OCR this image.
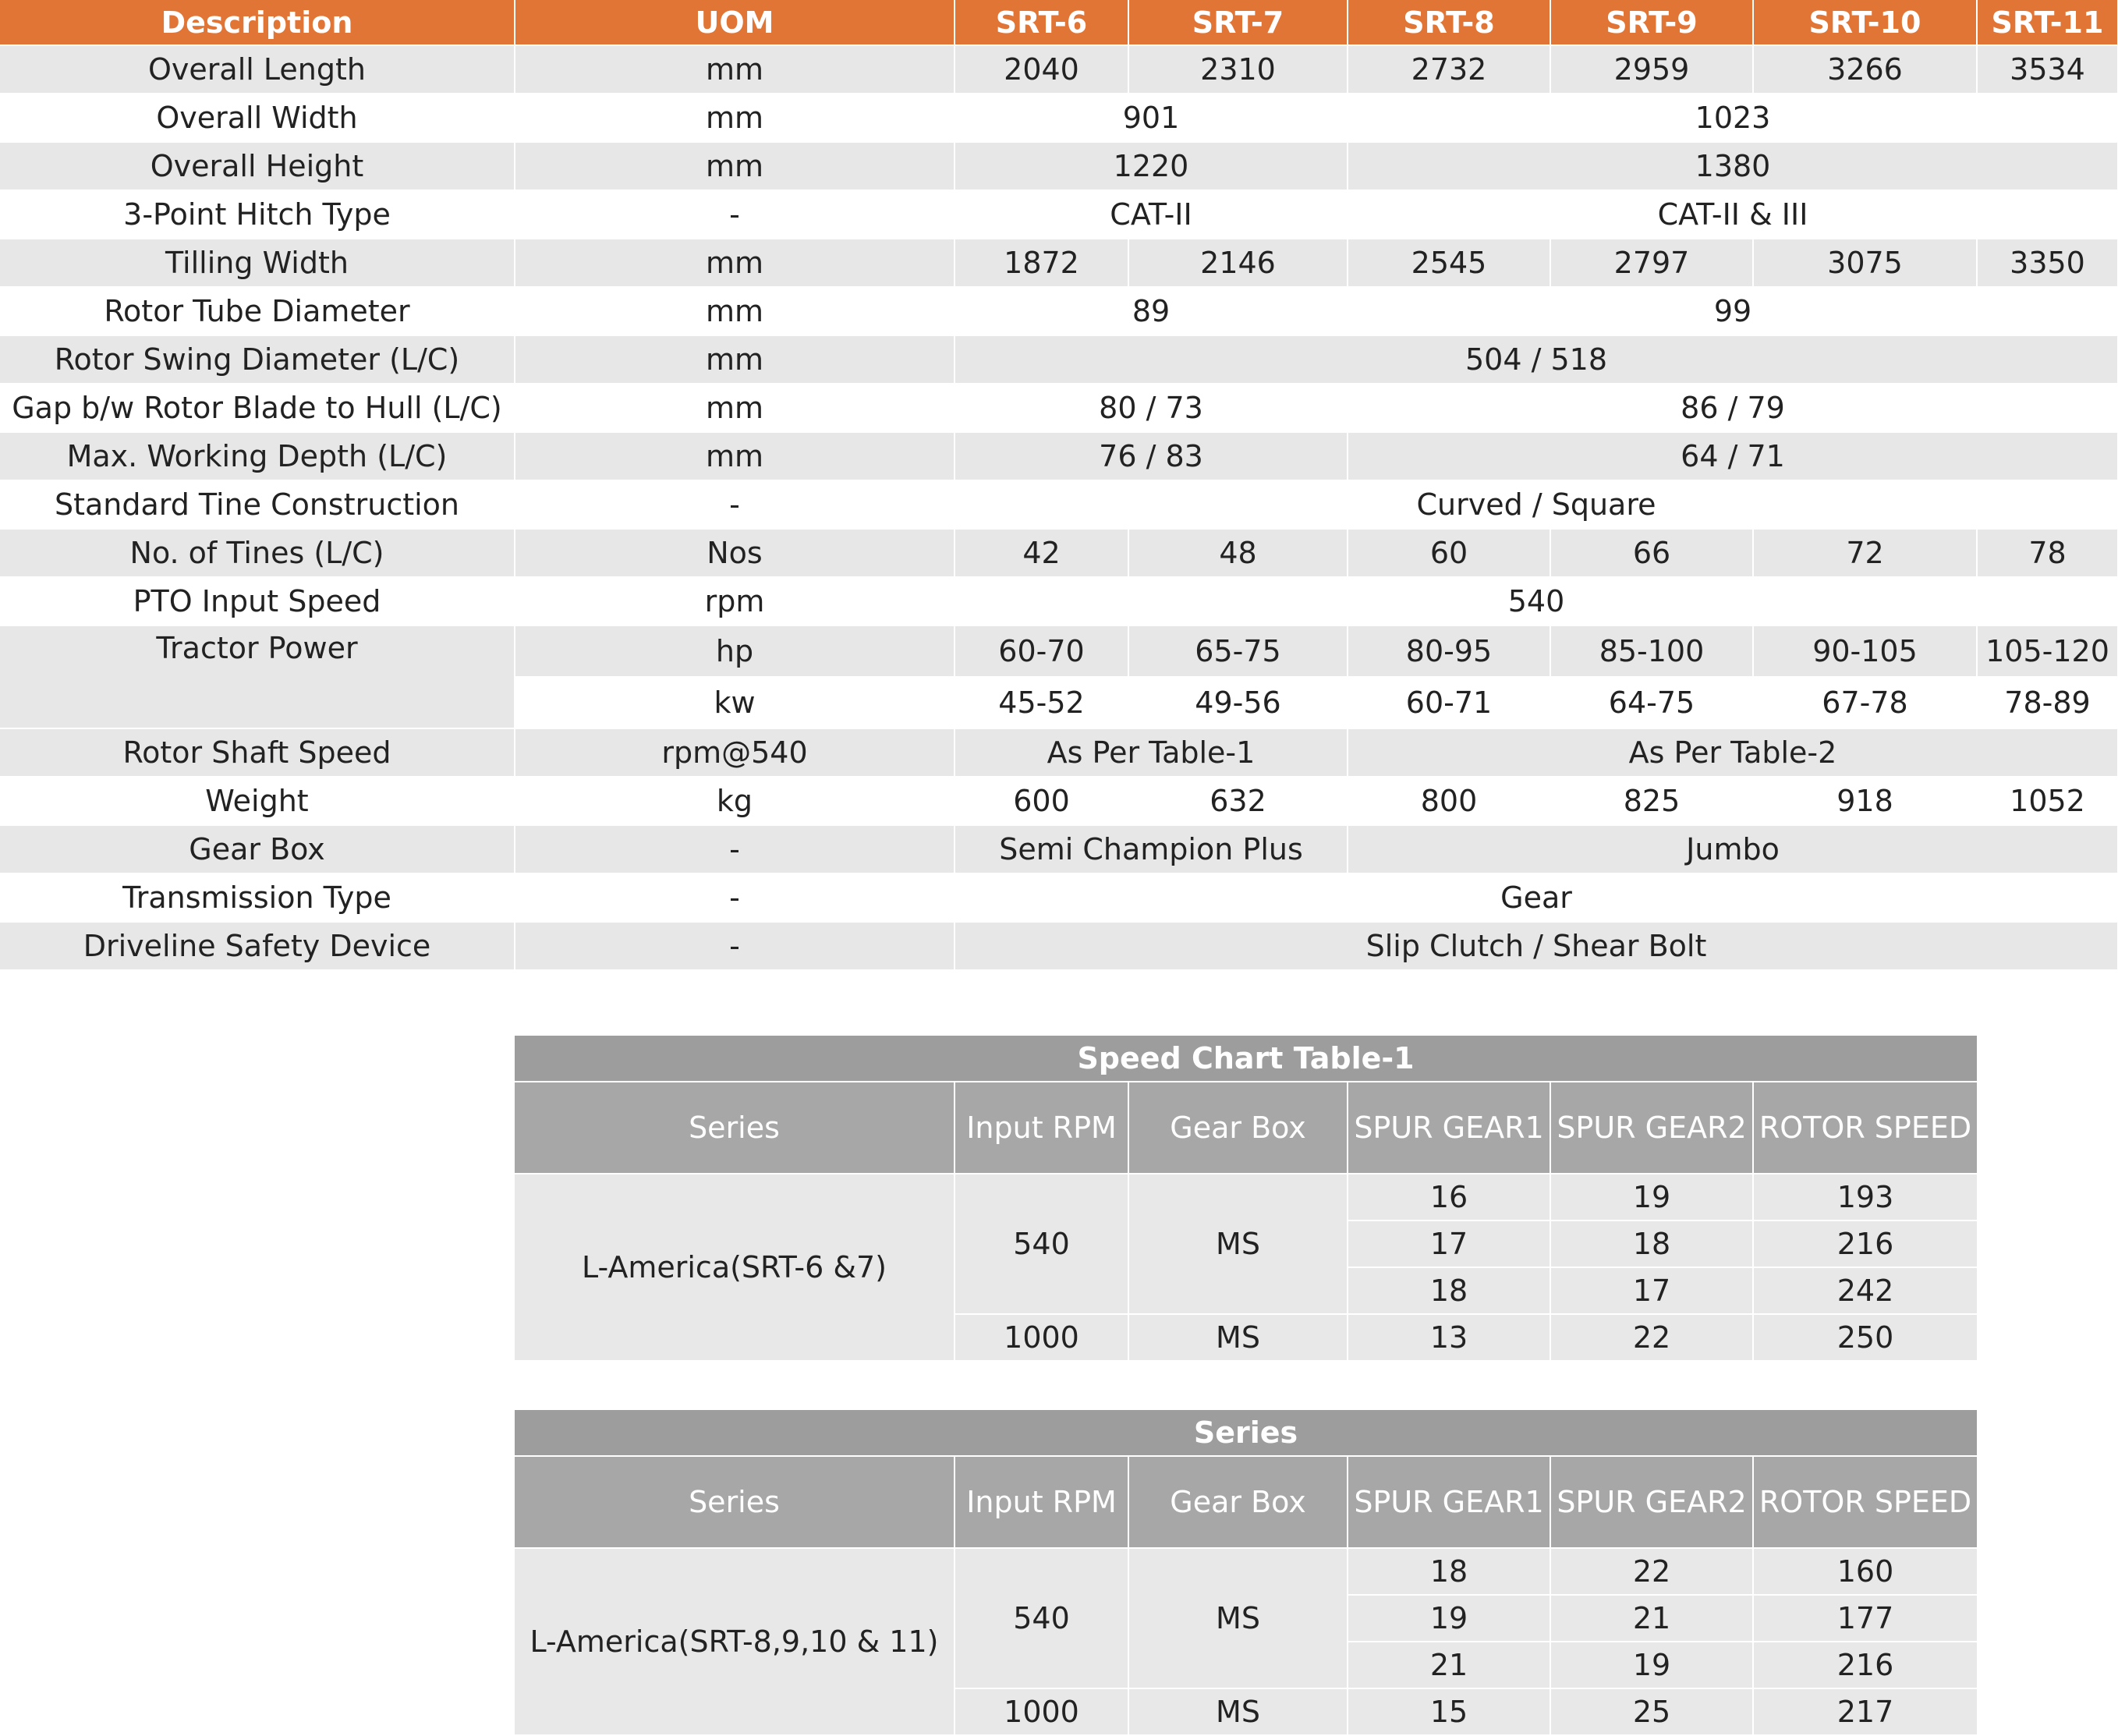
Description	UOM	SRT-6	SRT-7	SRT-8	SRT-9	SRT-10	SRT-11
Overall Length	mm	2040	2310	2732	2959	3266	3534
Overall Width	mm	901		1023			
Overall Height	mm	1220		1380			
3-Point Hitch Type	-	CAT-II		CAT-II & III			
Tilling Width	mm	1872	2146	2545	2797	3075	3350
Rotor Tube Diameter	mm	89		99			
Rotor Swing Diameter (L/C)	mm	504 / 518					
Gap b/w Rotor Blade to Hull (L/C)	mm	80 / 73		86 / 79			
Max. Working Depth (L/C)	mm	76 / 83		64 / 71			
Standard Tine Construction	-	Curved / Square					
No. of Tines (L/C)	Nos	42	48	60	66	72	78
PTO Input Speed	rpm	540					
Tractor Power	hp	60-70	65-75	80-95	85-100	90-105	105-120
	kw	45-52	49-56	60-71	64-75	67-78	78-89
Rotor Shaft Speed	rpm@540	As Per Table-1		As Per Table-2			
Weight	kg	600	632	800	825	918	1052
Gear Box	-	Semi Champion Plus		Jumbo			
Transmission Type	-	Gear					
Driveline Safety Device	-	Slip Clutch / Shear Bolt					
Speed Chart Table-1					
Series	Input RPM	Gear Box	SPUR GEAR1	SPUR GEAR2	ROTOR SPEED
L-America(SRT-6 &7)	540	MS	16	19	193
			17	18	216
			18	17	242
	1000	MS	13	22	250
Series					
Series	Input RPM	Gear Box	SPUR GEAR1	SPUR GEAR2	ROTOR SPEED
L-America(SRT-8,9,10 & 11)	540	MS	18	22	160
			19	21	177
			21	19	216
	1000	MS	15	25	217
